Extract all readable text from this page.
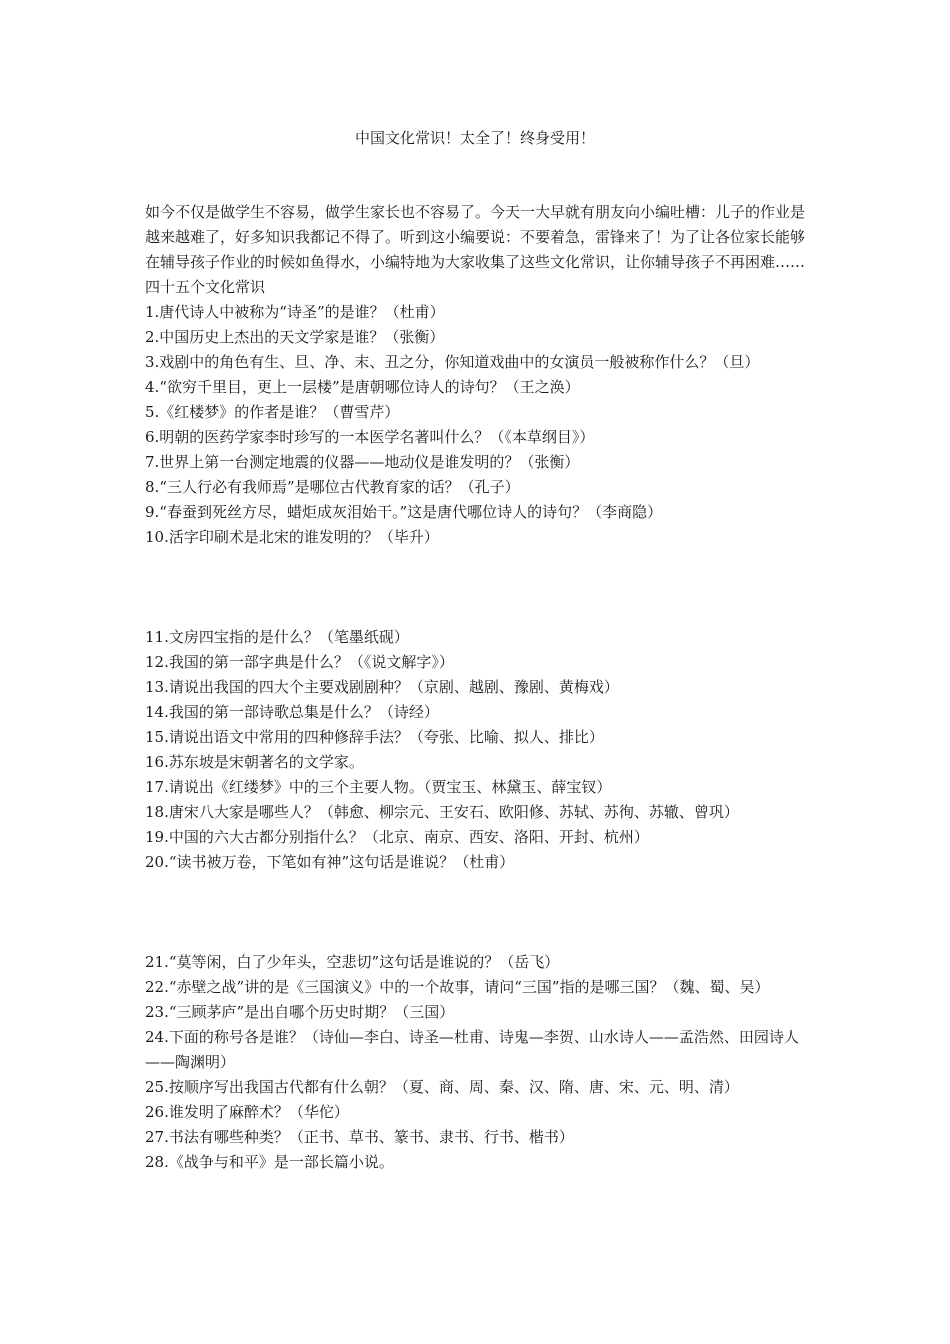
中国文化常识！太全了！终身受用！

如今不仅是做学生不容易，做学生家长也不容易了。今天一大早就有朋友向小编吐槽：儿子的作业是越来越难了，好多知识我都记不得了。听到这小编要说：不要着急，雷锋来了！为了让各位家长能够在辅导孩子作业的时候如鱼得水，小编特地为大家收集了这些文化常识，让你辅导孩子不再困难……

四十五个文化常识

1.唐代诗人中被称为“诗圣”的是谁？（杜甫）

2.中国历史上杰出的天文学家是谁？（张衡）

3.戏剧中的角色有生、旦、净、末、丑之分，你知道戏曲中的女演员一般被称作什么？（旦）

4.“欲穷千里目，更上一层楼”是唐朝哪位诗人的诗句？（王之涣）

5.《红楼梦》的作者是谁？（曹雪芹）

6.明朝的医药学家李时珍写的一本医学名著叫什么？（《本草纲目》）

7.世界上第一台测定地震的仪器——地动仪是谁发明的？（张衡）

8.“三人行必有我师焉”是哪位古代教育家的话？（孔子）

9.“春蚕到死丝方尽，蜡炬成灰泪始干。”这是唐代哪位诗人的诗句？（李商隐）

10.活字印刷术是北宋的谁发明的？（毕升）

11.文房四宝指的是什么？（笔墨纸砚）

12.我国的第一部字典是什么？（《说文解字》）

13.请说出我国的四大个主要戏剧剧种？（京剧、越剧、豫剧、黄梅戏）

14.我国的第一部诗歌总集是什么？（诗经）

15.请说出语文中常用的四种修辞手法？（夸张、比喻、拟人、排比）

16.苏东坡是宋朝著名的文学家。

17.请说出《红缕梦》中的三个主要人物。（贾宝玉、林黛玉、薛宝钗）

18.唐宋八大家是哪些人？（韩愈、柳宗元、王安石、欧阳修、苏轼、苏徇、苏辙、曾巩）

19.中国的六大古都分别指什么？（北京、南京、西安、洛阳、开封、杭州）

20.“读书被万卷，下笔如有神”这句话是谁说？（杜甫）

21.“莫等闲，白了少年头，空悲切”这句话是谁说的？（岳飞）

22.“赤壁之战”讲的是《三国演义》中的一个故事，请问“三国”指的是哪三国？（魏、蜀、吴）

23.“三顾茅庐”是出自哪个历史时期？（三国）

24.下面的称号各是谁？（诗仙—李白、诗圣—杜甫、诗鬼—李贺、山水诗人——孟浩然、田园诗人——陶渊明）

25.按顺序写出我国古代都有什么朝？（夏、商、周、秦、汉、隋、唐、宋、元、明、清）

26.谁发明了麻醉术？（华佗）

27.书法有哪些种类？（正书、草书、篆书、隶书、行书、楷书）

28.《战争与和平》是一部长篇小说。
